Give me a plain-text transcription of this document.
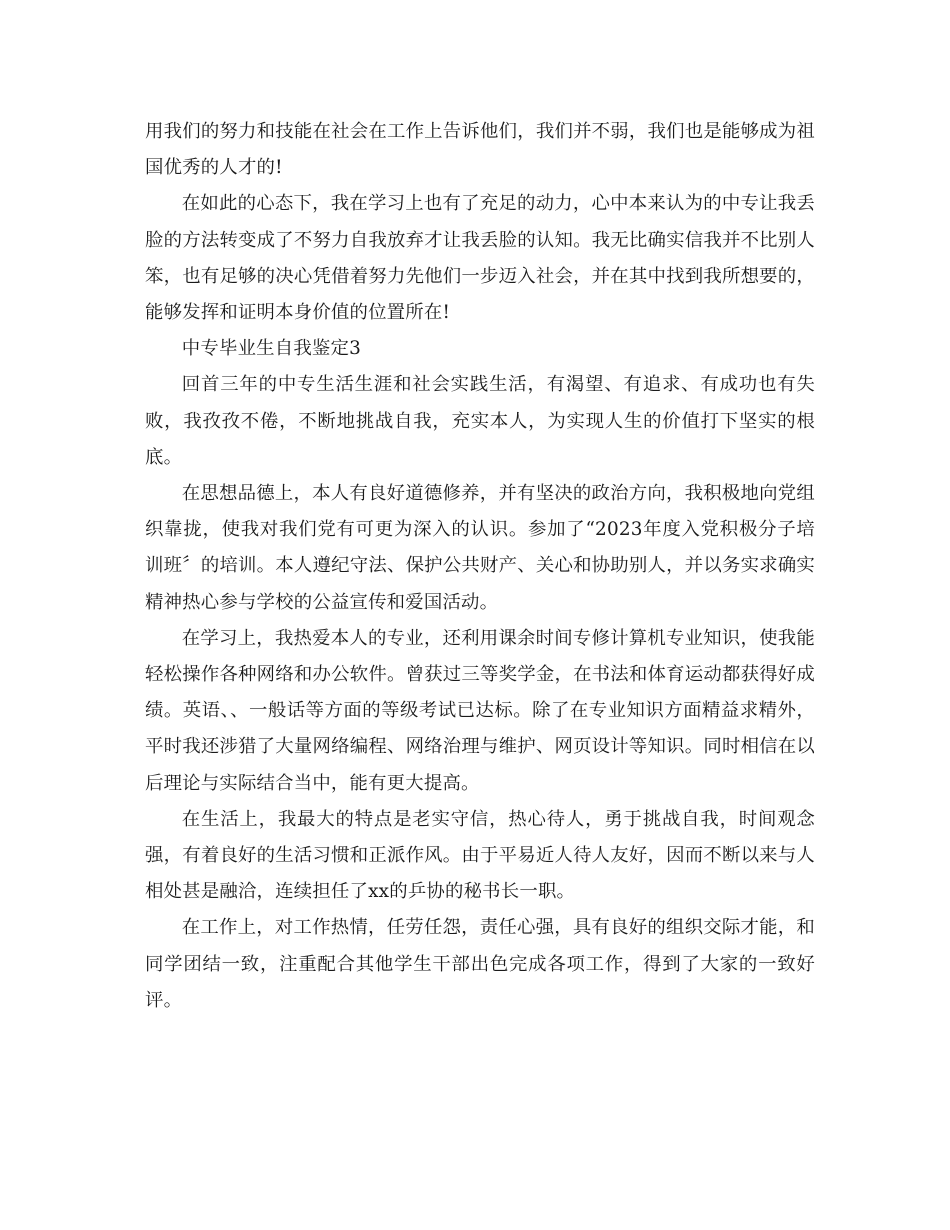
用我们的努力和技能在社会在工作上告诉他们，我们并不弱，我们也是能够成为祖国优秀的人才的!

在如此的心态下，我在学习上也有了充足的动力，心中本来认为的中专让我丢脸的方法转变成了不努力自我放弃才让我丢脸的认知。我无比确实信我并不比别人笨，也有足够的决心凭借着努力先他们一步迈入社会，并在其中找到我所想要的，能够发挥和证明本身价值的位置所在!

中专毕业生自我鉴定3

回首三年的中专生活生涯和社会实践生活，有渴望、有追求、有成功也有失败，我孜孜不倦，不断地挑战自我，充实本人，为实现人生的价值打下坚实的根底。

在思想品德上，本人有良好道德修养，并有坚决的政治方向，我积极地向党组织靠拢，使我对我们党有可更为深入的认识。参加了“2023年度入党积极分子培训班〞的培训。本人遵纪守法、保护公共财产、关心和协助别人，并以务实求确实精神热心参与学校的公益宣传和爱国活动。

在学习上，我热爱本人的专业，还利用课余时间专修计算机专业知识，使我能轻松操作各种网络和办公软件。曾获过三等奖学金，在书法和体育运动都获得好成绩。英语、、一般话等方面的等级考试已达标。除了在专业知识方面精益求精外，平时我还涉猎了大量网络编程、网络治理与维护、网页设计等知识。同时相信在以后理论与实际结合当中，能有更大提高。

在生活上，我最大的特点是老实守信，热心待人，勇于挑战自我，时间观念强，有着良好的生活习惯和正派作风。由于平易近人待人友好，因而不断以来与人相处甚是融洽，连续担任了xx的乒协的秘书长一职。

在工作上，对工作热情，任劳任怨，责任心强，具有良好的组织交际才能，和同学团结一致，注重配合其他学生干部出色完成各项工作，得到了大家的一致好评。
